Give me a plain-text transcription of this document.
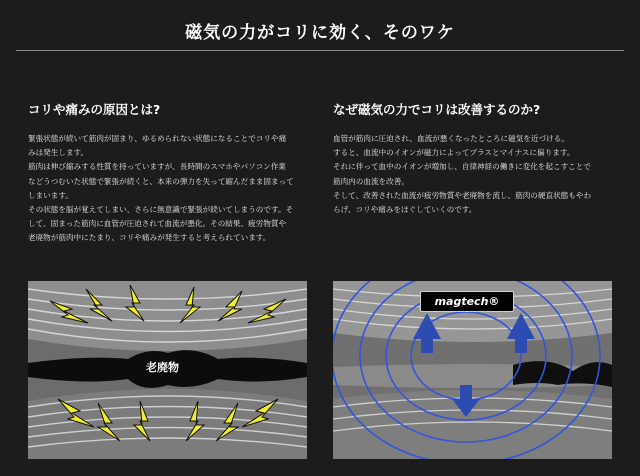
磁気の力がコリに効く、そのワケ
コリや痛みの原因とは?

緊張状態が続いて筋肉が固まり、ゆるめられない状態になることでコリや痛
みは発生します。
筋肉は伸び縮みする性質を持っていますが、長時間のスマホやパソコン作業
などうつむいた状態で緊張が続くと、本来の弾力を失って縮んだまま固まって
しまいます。
その状態を脳が覚えてしまい、さらに無意識で緊張が続いてしまうのです。そ
して、固まった筋肉に血管が圧迫されて血流が悪化。その結果、疲労物質や
老廃物が筋肉中にたまり、コリや痛みが発生すると考えられています。

なぜ磁気の力でコリは改善するのか?

血管が筋肉に圧迫され、血流が悪くなったところに磁気を近づける。
すると、血流中のイオンが磁力によってプラスとマイナスに偏ります。
それに伴って血中のイオンが増加し、自律神経の働きに変化を起こすことで
筋肉内の血流を改善。
そして、改善された血流が疲労物質や老廃物を流し、筋肉の硬直状態もやわ
らげ、コリや痛みをほぐしていくのです。

老廃物
magtech®
